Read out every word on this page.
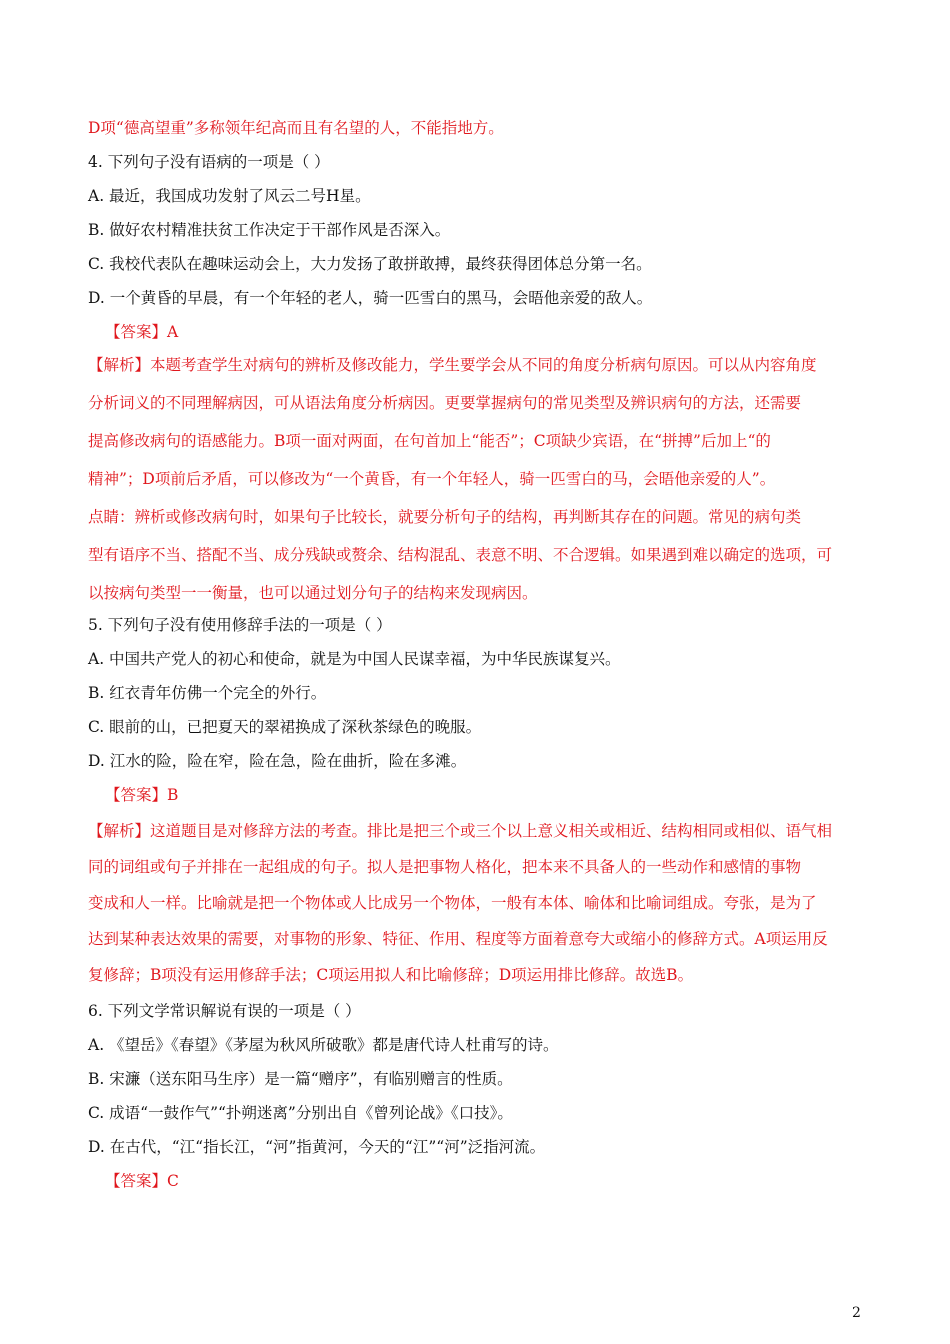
D项“德高望重”多称领年纪高而且有名望的人，不能指地方。
4. 下列句子没有语病的一项是（ ）
A. 最近，我国成功发射了风云二号H星。
B. 做好农村精准扶贫工作决定于干部作风是否深入。
C. 我校代表队在趣味运动会上，大力发扬了敢拼敢搏，最终获得团体总分第一名。
D. 一个黄昏的早晨，有一个年轻的老人，骑一匹雪白的黑马，会晤他亲爱的敌人。
【答案】A
【解析】本题考查学生对病句的辨析及修改能力，学生要学会从不同的角度分析病句原因。可以从内容角度
分析词义的不同理解病因，可从语法角度分析病因。更要掌握病句的常见类型及辨识病句的方法，还需要
提高修改病句的语感能力。B项一面对两面，在句首加上“能否”；C项缺少宾语，在“拼搏”后加上“的
精神”；D项前后矛盾，可以修改为“一个黄昏，有一个年轻人，骑一匹雪白的马，会晤他亲爱的人”。
点睛：辨析或修改病句时，如果句子比较长，就要分析句子的结构，再判断其存在的问题。常见的病句类
型有语序不当、搭配不当、成分残缺或赘余、结构混乱、表意不明、不合逻辑。如果遇到难以确定的选项，可
以按病句类型一一衡量，也可以通过划分句子的结构来发现病因。
5. 下列句子没有使用修辞手法的一项是（ ）
A. 中国共产党人的初心和使命，就是为中国人民谋幸福，为中华民族谋复兴。
B. 红衣青年仿佛一个完全的外行。
C. 眼前的山，已把夏天的翠裙换成了深秋茶绿色的晚服。
D. 江水的险，险在窄，险在急，险在曲折，险在多滩。
【答案】B
【解析】这道题目是对修辞方法的考查。排比是把三个或三个以上意义相关或相近、结构相同或相似、语气相
同的词组或句子并排在一起组成的句子。拟人是把事物人格化，把本来不具备人的一些动作和感情的事物
变成和人一样。比喻就是把一个物体或人比成另一个物体，一般有本体、喻体和比喻词组成。夸张，是为了
达到某种表达效果的需要，对事物的形象、特征、作用、程度等方面着意夸大或缩小的修辞方式。A项运用反
复修辞；B项没有运用修辞手法；C项运用拟人和比喻修辞；D项运用排比修辞。故选B。
6. 下列文学常识解说有误的一项是（ ）
A. 《望岳》《春望》《茅屋为秋风所破歌》都是唐代诗人杜甫写的诗。
B. 宋濂（送东阳马生序）是一篇“赠序”，有临别赠言的性质。
C. 成语“一鼓作气”“扑朔迷离”分别出自《曾列论战》《口技》。
D. 在古代，“江“指长江，“河”指黄河，今天的“江”“河”泛指河流。
【答案】C
2
